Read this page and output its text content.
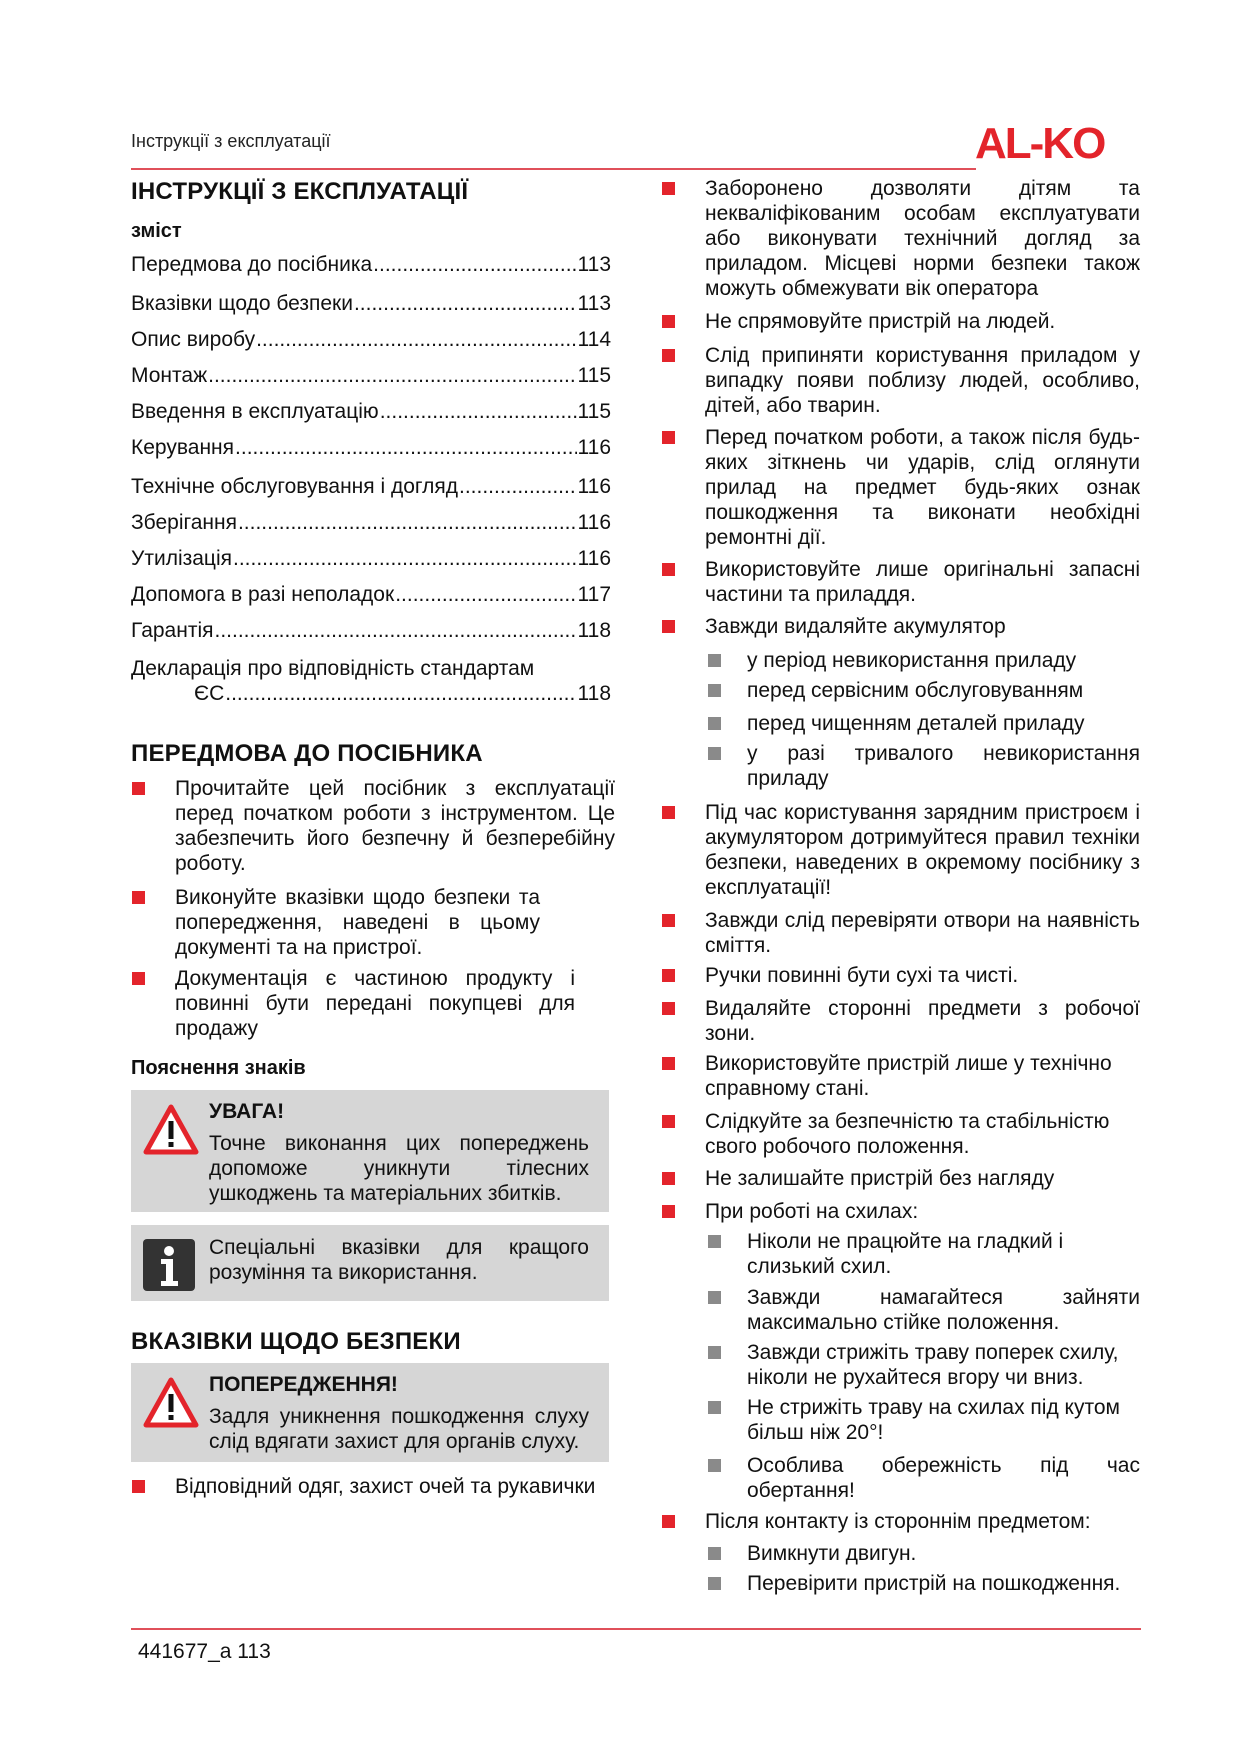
Інструкції з експлуатації	AL-KO
ІНСТРУКЦІЇ З ЕКСПЛУАТАЦІЇ
зміст
Передмова до посібника .....	113
Вказівки щодо безпеки .....	113
Опис виробу .....	114
Монтаж .....	115
Введення в експлуатацію .....	115
Керування .....	116
Технічне обслуговування і догляд .....	116
Зберігання .....	116
Утилізація .....	116
Допомога в разі неполадок .....	117
Гарантія .....	118
Декларація про відповідність стандартам
ЄС .....	118
ПЕРЕДМОВА ДО ПОСІБНИКА
Прочитайте цей посібник з експлуатації перед початком роботи з інструментом. Це забезпечить його безпечну й безперебійну роботу.
Виконуйте вказівки щодо безпеки та попередження, наведені в цьому документі та на пристрої.
Документація є частиною продукту і повинні бути передані покупцеві для продажу
Пояснення знаків
УВАГА!
Точне виконання цих попереджень допоможе уникнути тілесних ушкоджень та матеріальних збитків.
Спеціальні вказівки для кращого розуміння та використання.
ВКАЗІВКИ ЩОДО БЕЗПЕКИ
ПОПЕРЕДЖЕННЯ!
Задля уникнення пошкодження слуху слід вдягати захист для органів слуху.
Відповідний одяг, захист очей та рукавички
Заборонено дозволяти дітям та некваліфікованим особам експлуатувати або виконувати технічний догляд за приладом. Місцеві норми безпеки також можуть обмежувати вік оператора
Не спрямовуйте пристрій на людей.
Слід припиняти користування приладом у випадку появи поблизу людей, особливо, дітей, або тварин.
Перед початком роботи, а також після будь-яких зіткнень чи ударів, слід оглянути прилад на предмет будь-яких ознак пошкодження та виконати необхідні ремонтні дії.
Використовуйте лише оригінальні запасні частини та приладдя.
Завжди видаляйте акумулятор
у період невикористання приладу
перед сервісним обслуговуванням
перед чищенням деталей приладу
у разі тривалого невикористання приладу
Під час користування зарядним пристроєм і акумулятором дотримуйтеся правил техніки безпеки, наведених в окремому посібнику з експлуатації!
Завжди слід перевіряти отвори на наявність сміття.
Ручки повинні бути сухі та чисті.
Видаляйте сторонні предмети з робочої зони.
Використовуйте пристрій лише у технічно справному стані.
Слідкуйте за безпечністю та стабільністю свого робочого положення.
Не залишайте пристрій без нагляду
При роботі на схилах:
Ніколи не працюйте на гладкий і слизький схил.
Завжди намагайтеся зайняти максимально стійке положення.
Завжди стрижіть траву поперек схилу, ніколи не рухайтеся вгору чи вниз.
Не стрижіть траву на схилах під кутом більш ніж 20°!
Особлива обережність під час обертання!
Після контакту із стороннім предметом:
Вимкнути двигун.
Перевірити пристрій на пошкодження.
441677_a 113
